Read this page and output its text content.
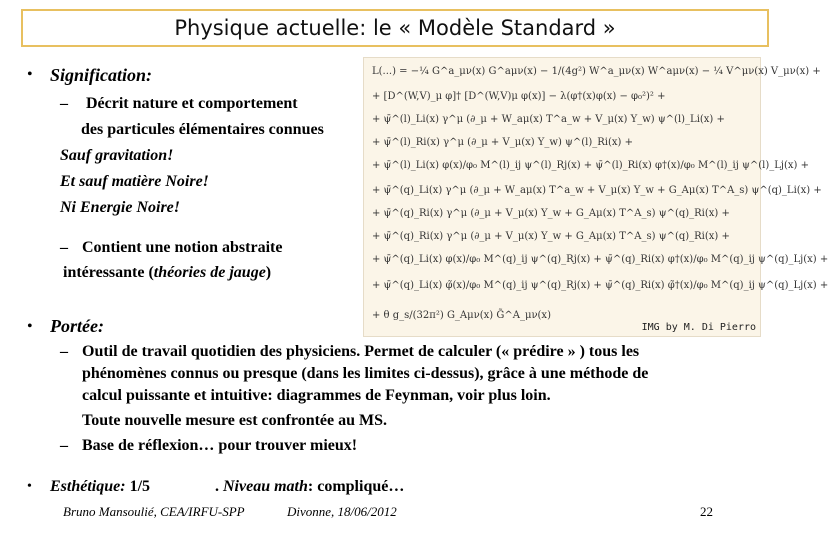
Physique actuelle: le « Modèle Standard »
• Signification:
– Décrit nature et comportement
des particules élémentaires connues
Sauf gravitation!
Et sauf matière Noire!
Ni Energie Noire!
– Contient une notion abstraite
intéressante (théories de jauge)
L(...) = −¼ G^a_μν(x) G^aμν(x) − 1/(4g²) W^a_μν(x) W^aμν(x) − ¼ V^μν(x) V_μν(x) +
+ [D^(W,V)_μ φ]† [D^(W,V)μ φ(x)] − λ(φ†(x)φ(x) − φ₀²)² +
+ ψ̄^(l)_Li(x) γ^μ (∂_μ + W_aμ(x) T^a_w + V_μ(x) Y_w) ψ^(l)_Li(x) +
+ ψ̄^(l)_Ri(x) γ^μ (∂_μ + V_μ(x) Y_w) ψ^(l)_Ri(x) +
+ ψ̄^(l)_Li(x) φ(x)/φ₀ M^(l)_ij ψ^(l)_Rj(x) + ψ̄^(l)_Ri(x) φ†(x)/φ₀ M^(l)_ij ψ^(l)_Lj(x) +
+ ψ̄^(q)_Li(x) γ^μ (∂_μ + W_aμ(x) T^a_w + V_μ(x) Y_w + G_Aμ(x) T^A_s) ψ^(q)_Li(x) +
+ ψ̄^(q)_Ri(x) γ^μ (∂_μ + V_μ(x) Y_w + G_Aμ(x) T^A_s) ψ^(q)_Ri(x) +
+ ψ̄^(q)_Ri(x) γ^μ (∂_μ + V_μ(x) Y_w + G_Aμ(x) T^A_s) ψ^(q)_Ri(x) +
+ ψ̄^(q)_Li(x) φ(x)/φ₀ M^(q)_ij ψ^(q)_Rj(x) + ψ̄^(q)_Ri(x) φ†(x)/φ₀ M^(q)_ij ψ^(q)_Lj(x) +
+ ψ̄^(q)_Li(x) φ̃(x)/φ₀ M^(q)_ij ψ^(q)_Rj(x) + ψ̄^(q)_Ri(x) φ̃†(x)/φ₀ M^(q)_ij ψ^(q)_Lj(x) +
+ θ g_s/(32π²) G_Aμν(x) G̃^A_μν(x)
IMG by M. Di Pierro
• Portée:
– Outil de travail quotidien des physiciens. Permet de calculer (« prédire » ) tous les
phénomènes connus ou presque (dans les limites ci-dessus), grâce à une méthode de
calcul puissante et intuitive: diagrammes de Feynman, voir plus loin.
Toute nouvelle mesure est confrontée au MS.
– Base de réflexion… pour trouver mieux!
• Esthétique: 1/5	. Niveau math: compliqué…
Bruno Mansoulié, CEA/IRFU-SPP	Divonne, 18/06/2012	22
